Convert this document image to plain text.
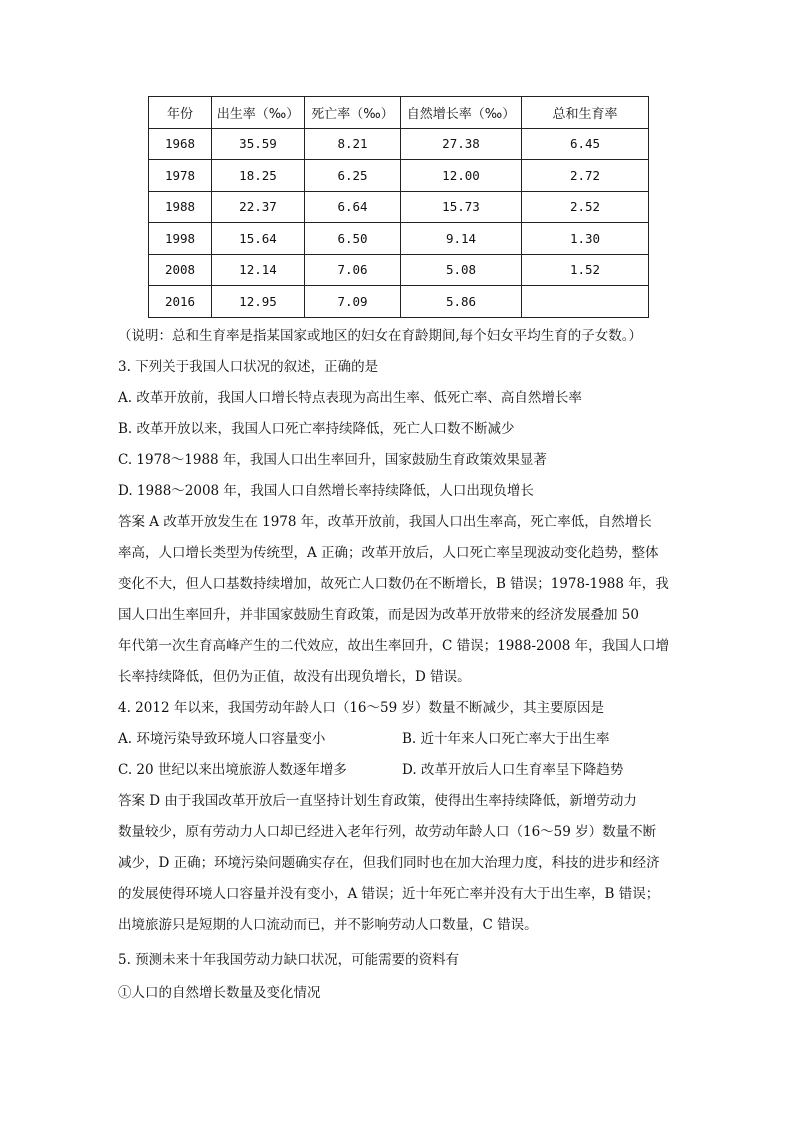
年份	出生率（‰）	死亡率（‰）	自然增长率（‰）	总和生育率
1968	35.59	8.21	27.38	6.45
1978	18.25	6.25	12.00	2.72
1988	22.37	6.64	15.73	2.52
1998	15.64	6.50	9.14	1.30
2008	12.14	7.06	5.08	1.52
2016	12.95	7.09	5.86	
（说明：总和生育率是指某国家或地区的妇女在育龄期间,每个妇女平均生育的子女数。）
3. 下列关于我国人口状况的叙述，正确的是
A. 改革开放前，我国人口增长特点表现为高出生率、低死亡率、高自然增长率
B. 改革开放以来，我国人口死亡率持续降低，死亡人口数不断减少
C. 1978～1988 年，我国人口出生率回升，国家鼓励生育政策效果显著
D. 1988～2008 年，我国人口自然增长率持续降低，人口出现负增长
答案 A 改革开放发生在 1978 年，改革开放前，我国人口出生率高，死亡率低，自然增长
率高，人口增长类型为传统型，A 正确；改革开放后，人口死亡率呈现波动变化趋势，整体
变化不大，但人口基数持续增加，故死亡人口数仍在不断增长，B 错误；1978-1988 年，我
国人口出生率回升，并非国家鼓励生育政策，而是因为改革开放带来的经济发展叠加 50
年代第一次生育高峰产生的二代效应，故出生率回升，C 错误；1988-2008 年，我国人口增
长率持续降低，但仍为正值，故没有出现负增长，D 错误。
4. 2012 年以来，我国劳动年龄人口（16～59 岁）数量不断减少，其主要原因是
A. 环境污染导致环境人口容量变小	B. 近十年来人口死亡率大于出生率
C. 20 世纪以来出境旅游人数逐年增多	D. 改革开放后人口生育率呈下降趋势
答案 D 由于我国改革开放后一直坚持计划生育政策，使得出生率持续降低，新增劳动力
数量较少，原有劳动力人口却已经进入老年行列，故劳动年龄人口（16～59 岁）数量不断
减少，D 正确；环境污染问题确实存在，但我们同时也在加大治理力度，科技的进步和经济
的发展使得环境人口容量并没有变小，A 错误；近十年死亡率并没有大于出生率，B 错误；
出境旅游只是短期的人口流动而已，并不影响劳动人口数量，C 错误。
5. 预测未来十年我国劳动力缺口状况，可能需要的资料有
①人口的自然增长数量及变化情况
